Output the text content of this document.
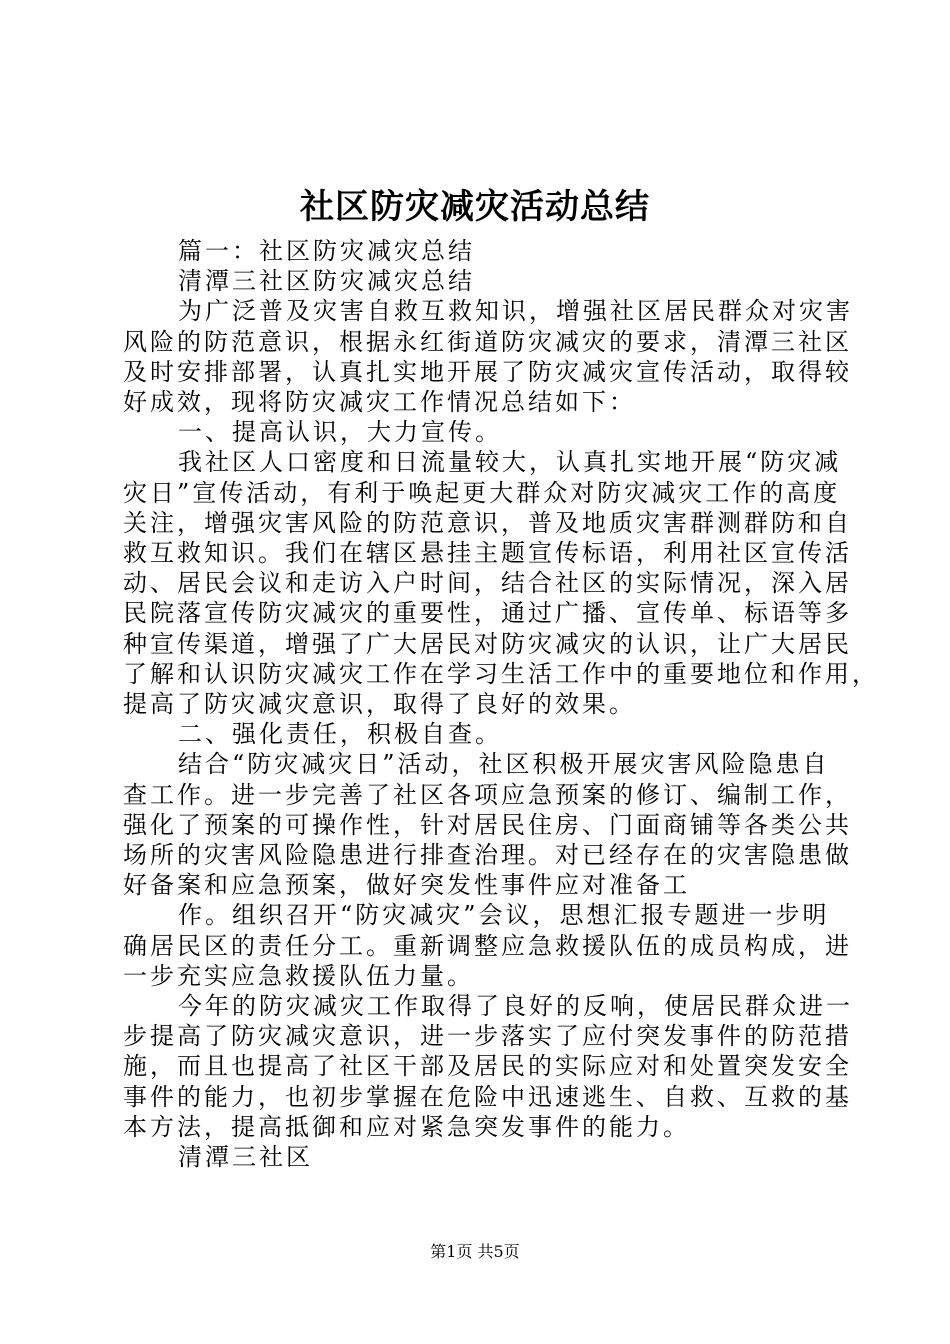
社区防灾减灾活动总结

篇一：社区防灾减灾总结

清潭三社区防灾减灾总结

为广泛普及灾害自救互救知识，增强社区居民群众对灾害

风险的防范意识，根据永红街道防灾减灾的要求，清潭三社区

及时安排部署，认真扎实地开展了防灾减灾宣传活动，取得较

好成效，现将防灾减灾工作情况总结如下：

一、提高认识，大力宣传。

我社区人口密度和日流量较大，认真扎实地开展“防灾减

灾日”宣传活动，有利于唤起更大群众对防灾减灾工作的高度

关注，增强灾害风险的防范意识，普及地质灾害群测群防和自

救互救知识。我们在辖区悬挂主题宣传标语，利用社区宣传活

动、居民会议和走访入户时间，结合社区的实际情况，深入居

民院落宣传防灾减灾的重要性，通过广播、宣传单、标语等多

种宣传渠道，增强了广大居民对防灾减灾的认识，让广大居民

了解和认识防灾减灾工作在学习生活工作中的重要地位和作用，

提高了防灾减灾意识，取得了良好的效果。

二、强化责任，积极自查。

结合“防灾减灾日”活动，社区积极开展灾害风险隐患自

查工作。进一步完善了社区各项应急预案的修订、编制工作，

强化了预案的可操作性，针对居民住房、门面商铺等各类公共

场所的灾害风险隐患进行排查治理。对已经存在的灾害隐患做

好备案和应急预案，做好突发性事件应对准备工

作。组织召开“防灾减灾”会议，思想汇报专题进一步明

确居民区的责任分工。重新调整应急救援队伍的成员构成，进

一步充实应急救援队伍力量。

今年的防灾减灾工作取得了良好的反响，使居民群众进一

步提高了防灾减灾意识，进一步落实了应付突发事件的防范措

施，而且也提高了社区干部及居民的实际应对和处置突发安全

事件的能力，也初步掌握在危险中迅速逃生、自救、互救的基

本方法，提高抵御和应对紧急突发事件的能力。

清潭三社区

第1页 共5页
